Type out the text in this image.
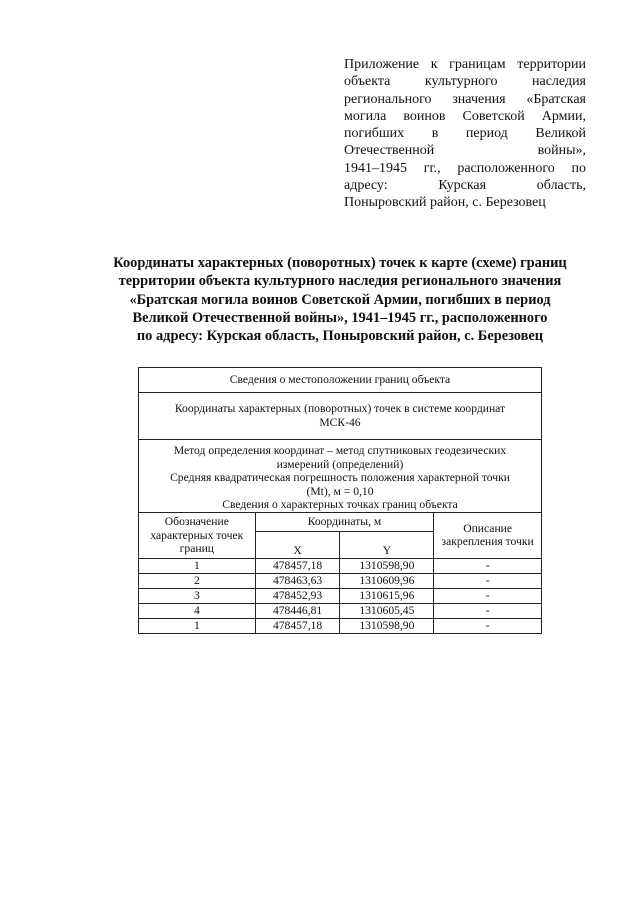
Приложение к границам территории
объекта культурного наследия
регионального значения «Братская
могила воинов Советской Армии,
погибших в период Великой
Отечественной войны»,
1941–1945 гг., расположенного по
адресу: Курская область,
Поныровский район, с. Березовец
Координаты характерных (поворотных) точек к карте (схеме) границ
территории объекта культурного наследия регионального значения
«Братская могила воинов Советской Армии, погибших в период
Великой Отечественной войны», 1941–1945 гг., расположенного
по адресу: Курская область, Поныровский район, с. Березовец
Сведения о местоположении границ объекта			

Координаты характерных (поворотных) точек в системе координат
МСК-46			

Метод определения координат – метод спутниковых геодезических
измерений (определений)
Средняя квадратическая погрешность положения характерной точки
(Mt), м = 0,10
Сведения о характерных точках границ объекта			

Обозначение характерных точек границ	Координаты, м		Описание закрепления точки
	X	Y	
1	478457,18	1310598,90	-
2	478463,63	1310609,96	-
3	478452,93	1310615,96	-
4	478446,81	1310605,45	-
1	478457,18	1310598,90	-
